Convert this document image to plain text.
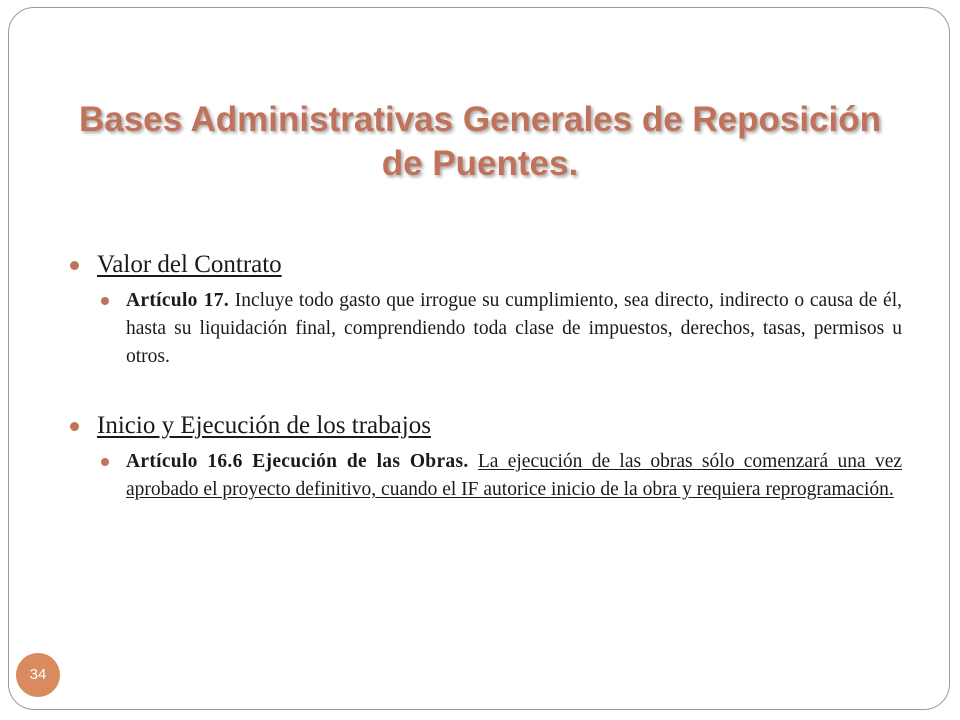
Bases Administrativas Generales de Reposición de Puentes.
Valor del Contrato
Artículo 17. Incluye todo gasto que irrogue su cumplimiento, sea directo, indirecto o causa de él, hasta su liquidación final, comprendiendo toda clase de impuestos, derechos, tasas, permisos u otros.
Inicio y Ejecución de los trabajos
Artículo 16.6 Ejecución de las Obras. La ejecución de las obras sólo comenzará una vez aprobado el proyecto definitivo, cuando el IF autorice inicio de la obra y requiera reprogramación.
34
